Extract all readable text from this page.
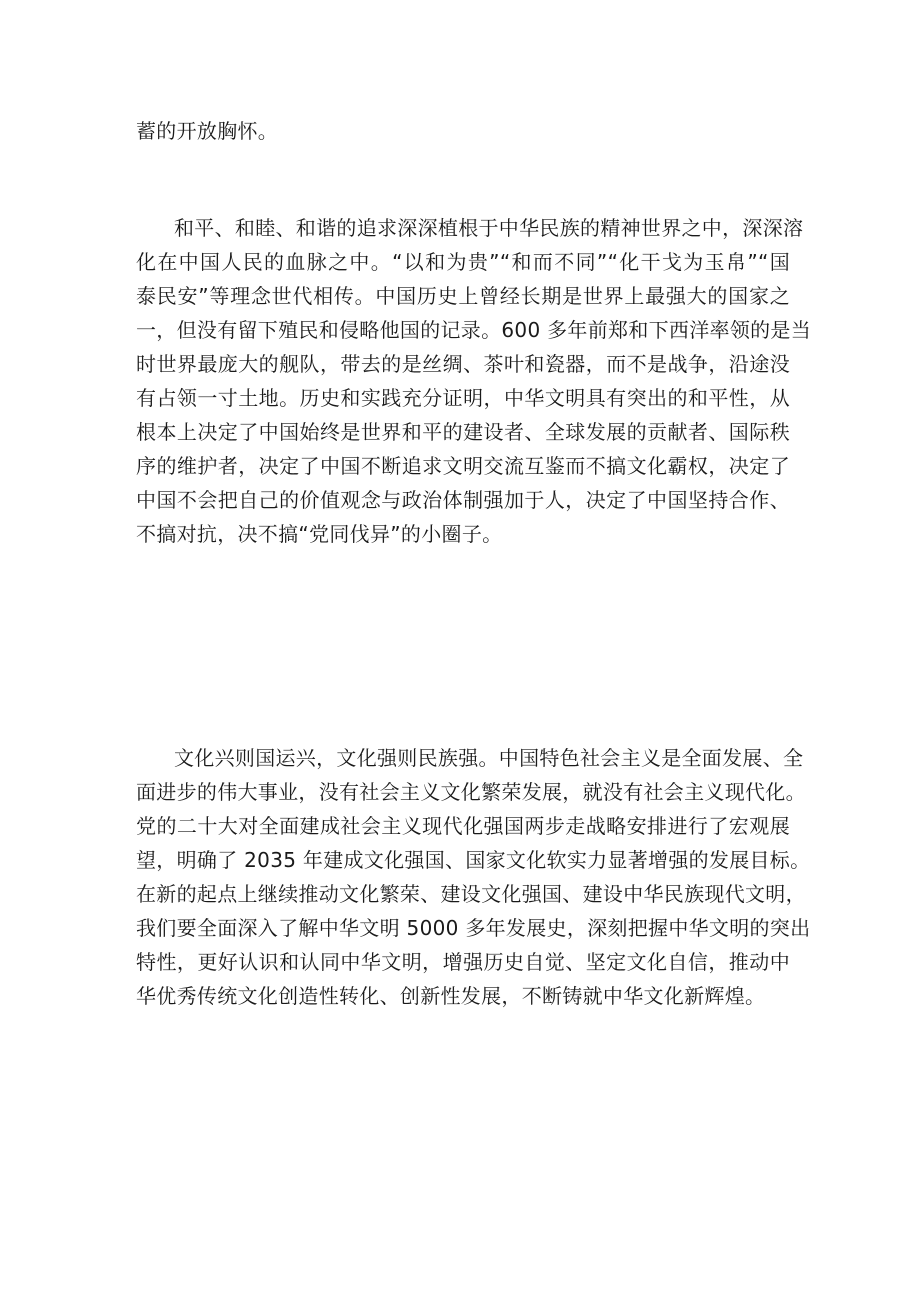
蓄的开放胸怀。
和平、和睦、和谐的追求深深植根于中华民族的精神世界之中，深深溶
化在中国人民的血脉之中。“以和为贵”“和而不同”“化干戈为玉帛”“国
泰民安”等理念世代相传。中国历史上曾经长期是世界上最强大的国家之
一，但没有留下殖民和侵略他国的记录。600 多年前郑和下西洋率领的是当
时世界最庞大的舰队，带去的是丝绸、茶叶和瓷器，而不是战争，沿途没
有占领一寸土地。历史和实践充分证明，中华文明具有突出的和平性，从
根本上决定了中国始终是世界和平的建设者、全球发展的贡献者、国际秩
序的维护者，决定了中国不断追求文明交流互鉴而不搞文化霸权，决定了
中国不会把自己的价值观念与政治体制强加于人，决定了中国坚持合作、
不搞对抗，决不搞“党同伐异”的小圈子。
文化兴则国运兴，文化强则民族强。中国特色社会主义是全面发展、全
面进步的伟大事业，没有社会主义文化繁荣发展，就没有社会主义现代化。
党的二十大对全面建成社会主义现代化强国两步走战略安排进行了宏观展
望，明确了 2035 年建成文化强国、国家文化软实力显著增强的发展目标。
在新的起点上继续推动文化繁荣、建设文化强国、建设中华民族现代文明，
我们要全面深入了解中华文明 5000 多年发展史，深刻把握中华文明的突出
特性，更好认识和认同中华文明，增强历史自觉、坚定文化自信，推动中
华优秀传统文化创造性转化、创新性发展，不断铸就中华文化新辉煌。
